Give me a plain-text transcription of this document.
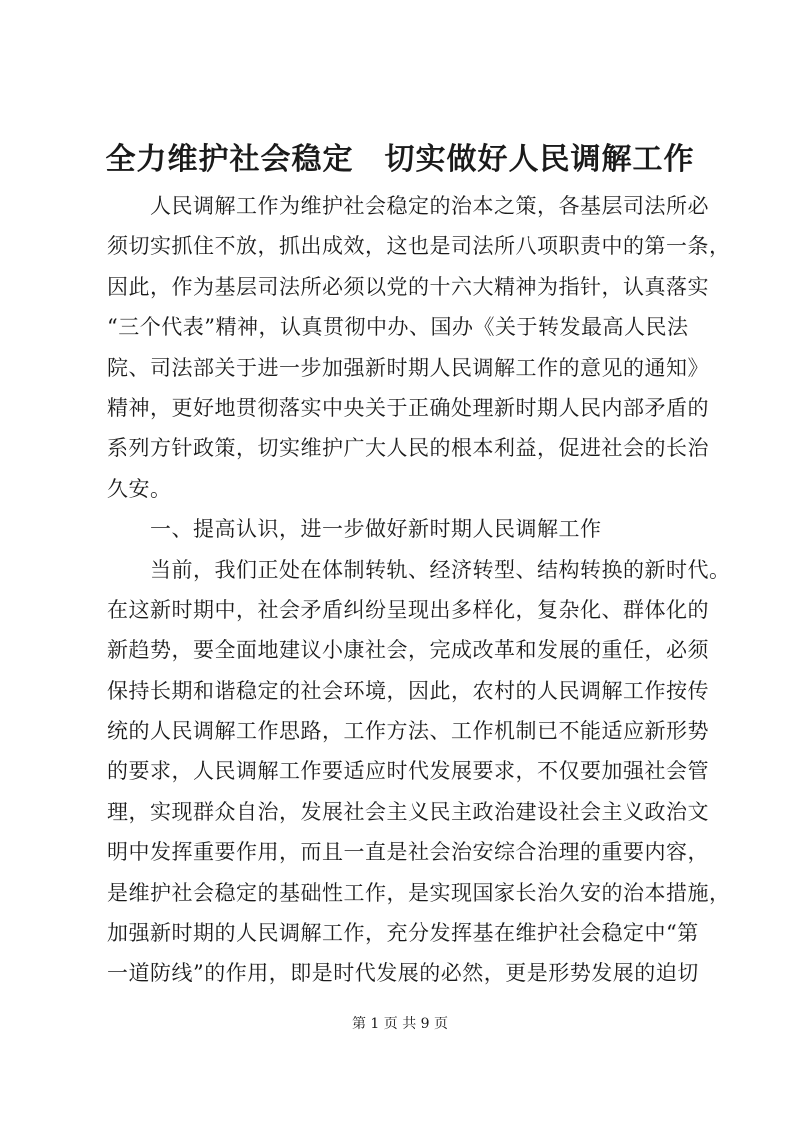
全力维护社会稳定　切实做好人民调解工作
　　人民调解工作为维护社会稳定的治本之策，各基层司法所必
须切实抓住不放，抓出成效，这也是司法所八项职责中的第一条，
因此，作为基层司法所必须以党的十六大精神为指针，认真落实
“三个代表”精神，认真贯彻中办、国办《关于转发最高人民法
院、司法部关于进一步加强新时期人民调解工作的意见的通知》
精神，更好地贯彻落实中央关于正确处理新时期人民内部矛盾的
系列方针政策，切实维护广大人民的根本利益，促进社会的长治
久安。
　　一、提高认识，进一步做好新时期人民调解工作
　　当前，我们正处在体制转轨、经济转型、结构转换的新时代。
在这新时期中，社会矛盾纠纷呈现出多样化，复杂化、群体化的
新趋势，要全面地建议小康社会，完成改革和发展的重任，必须
保持长期和谐稳定的社会环境，因此，农村的人民调解工作按传
统的人民调解工作思路，工作方法、工作机制已不能适应新形势
的要求，人民调解工作要适应时代发展要求，不仅要加强社会管
理，实现群众自治，发展社会主义民主政治建设社会主义政治文
明中发挥重要作用，而且一直是社会治安综合治理的重要内容，
是维护社会稳定的基础性工作，是实现国家长治久安的治本措施，
加强新时期的人民调解工作，充分发挥基在维护社会稳定中“第
一道防线”的作用，即是时代发展的必然，更是形势发展的迫切
第 1 页 共 9 页
